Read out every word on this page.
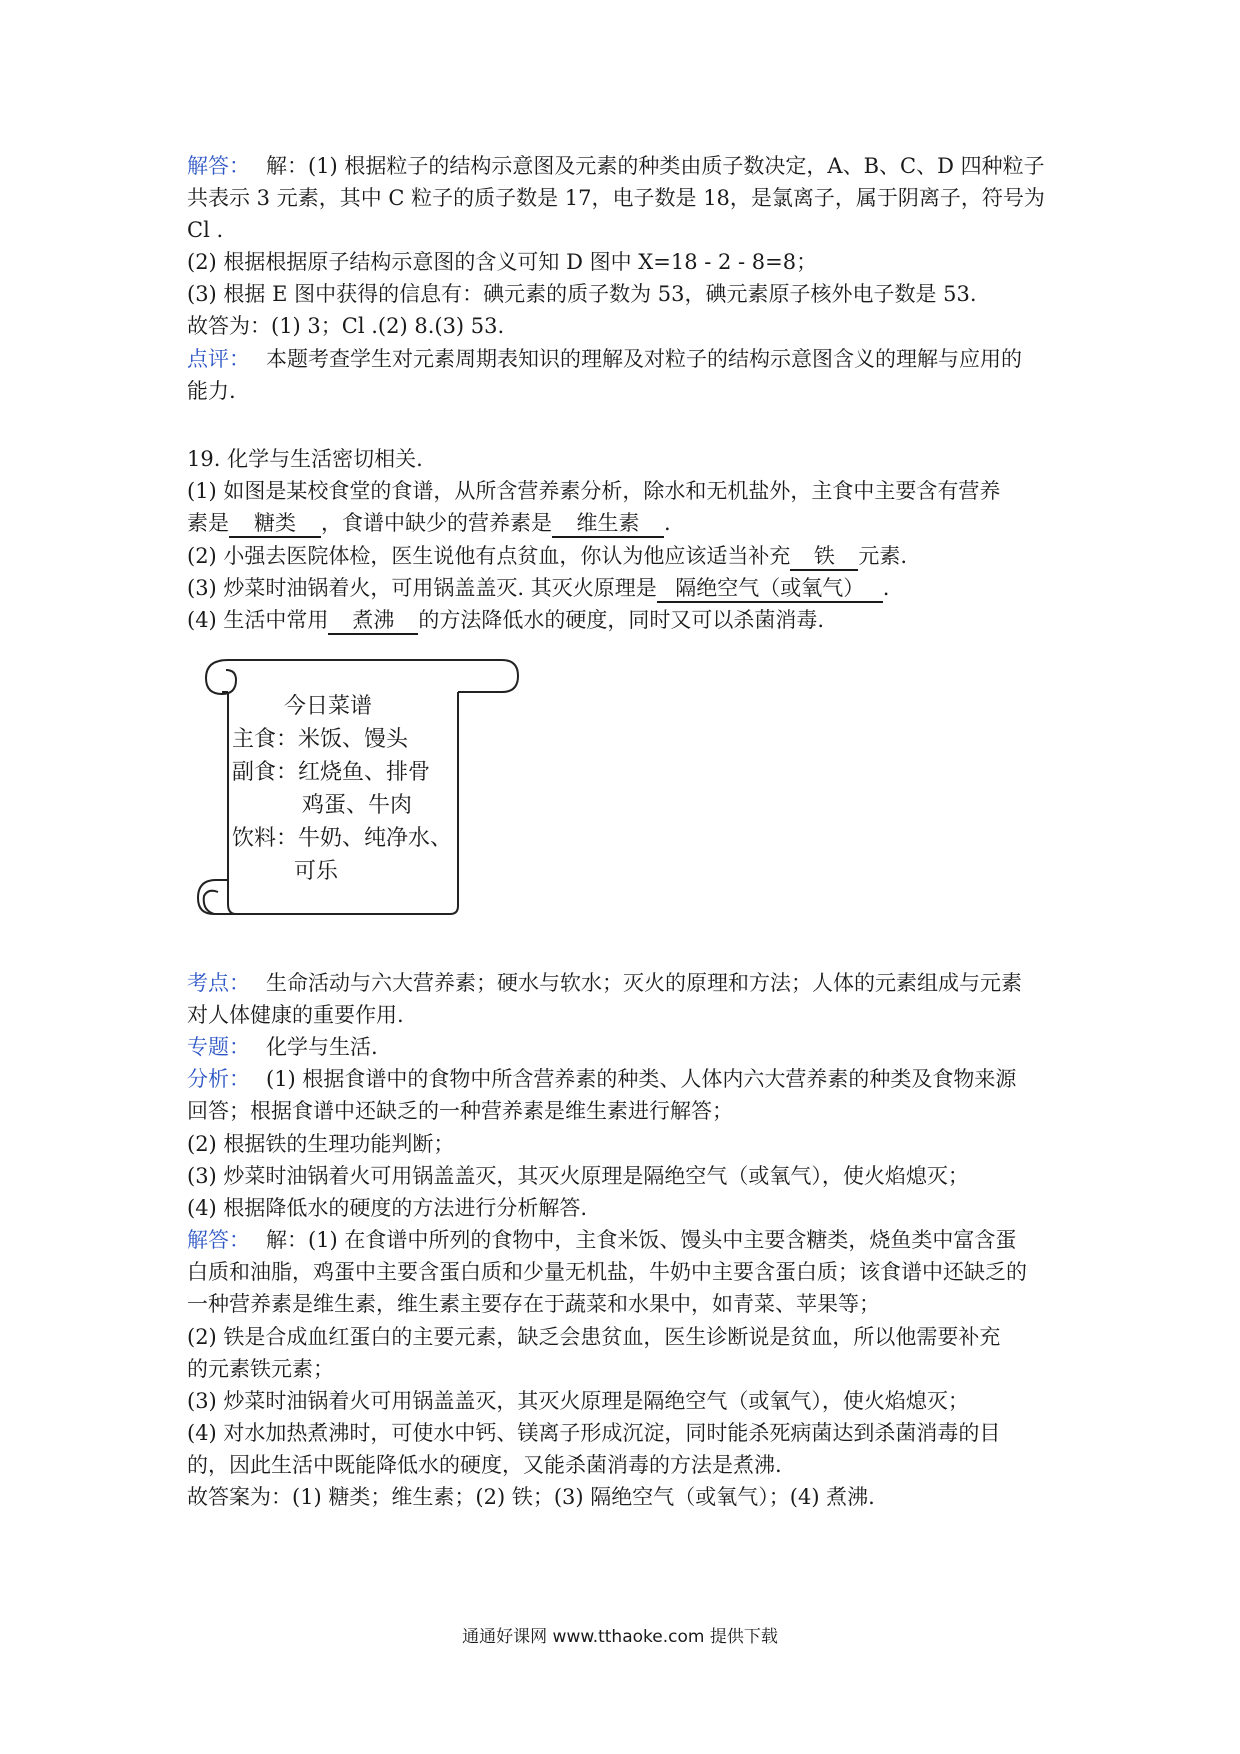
解答： 解：(1) 根据粒子的结构示意图及元素的种类由质子数决定，A、B、C、D 四种粒子
共表示 3 元素，其中 C 粒子的质子数是 17，电子数是 18，是氯离子，属于阴离子，符号为
Cl .
(2) 根据根据原子结构示意图的含义可知 D 图中 X=18 - 2 - 8=8；
(3) 根据 E 图中获得的信息有：碘元素的质子数为 53，碘元素原子核外电子数是 53.
故答为：(1) 3；Cl .(2) 8.(3) 53.
点评： 本题考查学生对元素周期表知识的理解及对粒子的结构示意图含义的理解与应用的
能力.
19. 化学与生活密切相关.
(1) 如图是某校食堂的食谱，从所含营养素分析，除水和无机盐外，主食中主要含有营养
素是 糖类 ，食谱中缺少的营养素是 维生素 .
(2) 小强去医院体检，医生说他有点贫血，你认为他应该适当补充 铁 元素.
(3) 炒菜时油锅着火，可用锅盖盖灭. 其灭火原理是 隔绝空气（或氧气） .
(4) 生活中常用 煮沸 的方法降低水的硬度，同时又可以杀菌消毒.
今日菜谱
主食：米饭、馒头
副食：红烧鱼、排骨
鸡蛋、牛肉
饮料：牛奶、纯净水、
可乐
考点： 生命活动与六大营养素；硬水与软水；灭火的原理和方法；人体的元素组成与元素
对人体健康的重要作用.
专题： 化学与生活.
分析： (1) 根据食谱中的食物中所含营养素的种类、人体内六大营养素的种类及食物来源
回答；根据食谱中还缺乏的一种营养素是维生素进行解答；
(2) 根据铁的生理功能判断；
(3) 炒菜时油锅着火可用锅盖盖灭，其灭火原理是隔绝空气（或氧气），使火焰熄灭；
(4) 根据降低水的硬度的方法进行分析解答.
解答： 解：(1) 在食谱中所列的食物中，主食米饭、馒头中主要含糖类，烧鱼类中富含蛋
白质和油脂，鸡蛋中主要含蛋白质和少量无机盐，牛奶中主要含蛋白质；该食谱中还缺乏的
一种营养素是维生素，维生素主要存在于蔬菜和水果中，如青菜、苹果等；
(2) 铁是合成血红蛋白的主要元素，缺乏会患贫血，医生诊断说是贫血，所以他需要补充
的元素铁元素；
(3) 炒菜时油锅着火可用锅盖盖灭，其灭火原理是隔绝空气（或氧气），使火焰熄灭；
(4) 对水加热煮沸时，可使水中钙、镁离子形成沉淀，同时能杀死病菌达到杀菌消毒的目
的，因此生活中既能降低水的硬度，又能杀菌消毒的方法是煮沸.
故答案为：(1) 糖类；维生素；(2) 铁；(3) 隔绝空气（或氧气）；(4) 煮沸.
通通好课网 www.tthaoke.com 提供下载
